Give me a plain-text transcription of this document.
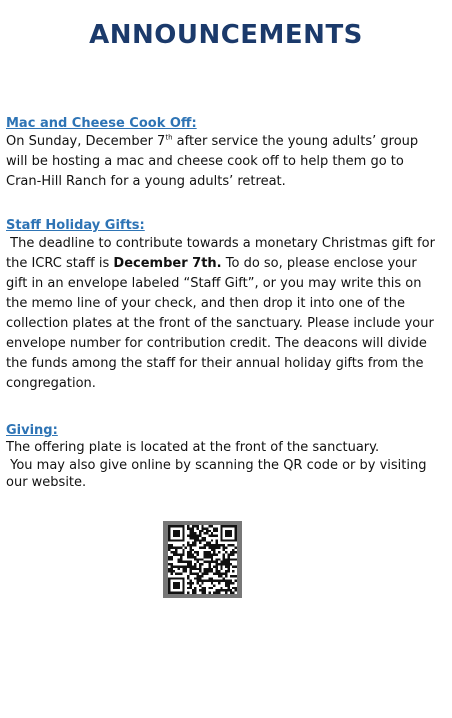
ANNOUNCEMENTS
Mac and Cheese Cook Off:

On Sunday, December 7th after service the young adults’ group will be hosting a mac and cheese cook off to help them go to Cran-Hill Ranch for a young adults’ retreat.

Staff Holiday Gifts:

The deadline to contribute towards a monetary Christmas gift for the ICRC staff is December 7th. To do so, please enclose your gift in an envelope labeled “Staff Gift”, or you may write this on the memo line of your check, and then drop it into one of the collection plates at the front of the sanctuary. Please include your envelope number for contribution credit. The deacons will divide the funds among the staff for their annual holiday gifts from the congregation.

Giving:

The offering plate is located at the front of the sanctuary.
You may also give online by scanning the QR code or by visiting our website.
